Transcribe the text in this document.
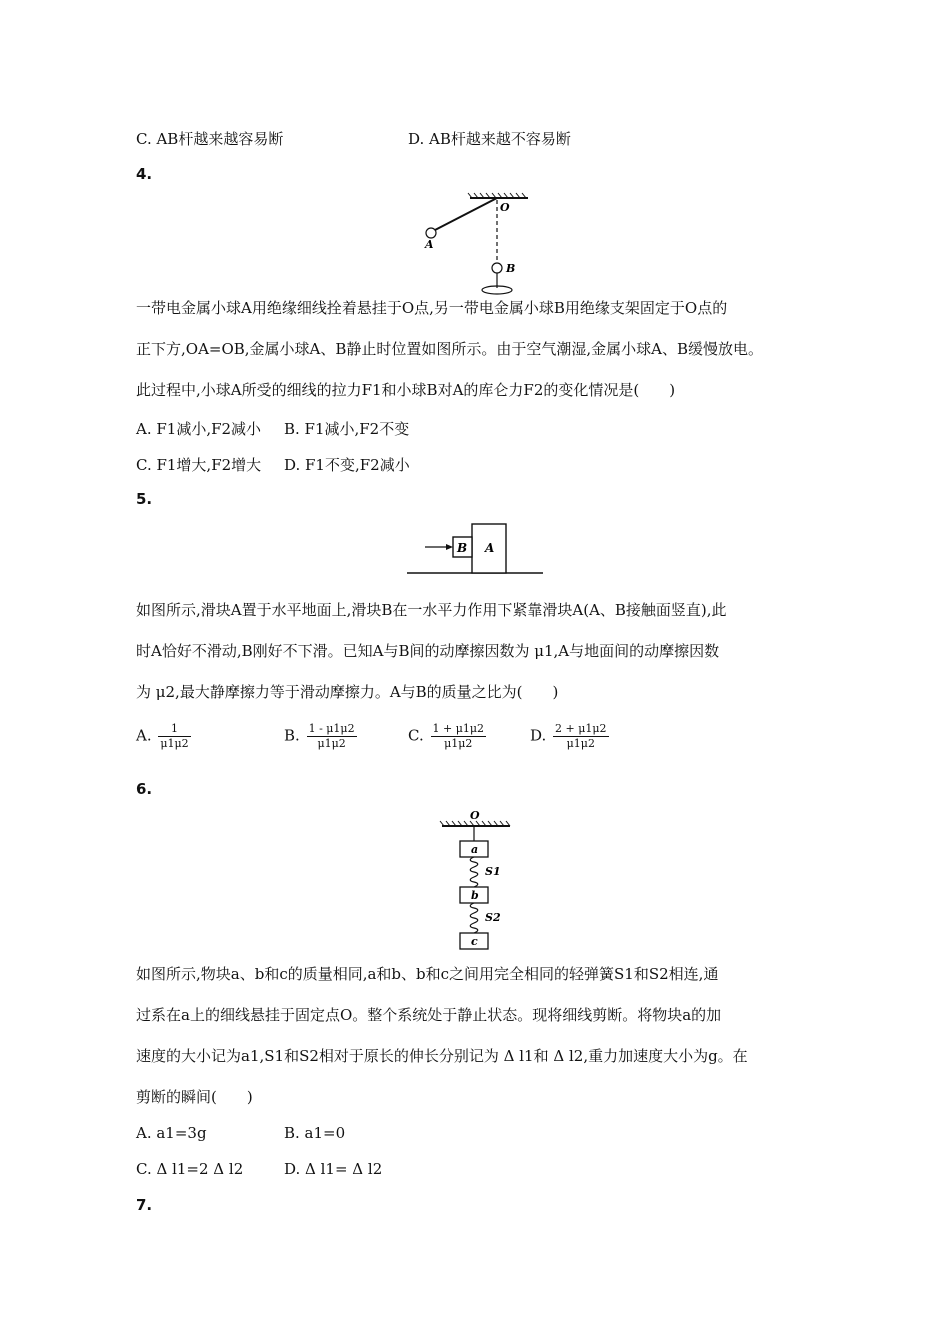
C. AB杆越来越容易断	D. AB杆越来越不容易断
4.
O
A
B
一带电金属小球A用绝缘细线拴着悬挂于O点,另一带电金属小球B用绝缘支架固定于O点的
正下方,OA=OB,金属小球A、B静止时位置如图所示。由于空气潮湿,金属小球A、B缓慢放电。
此过程中,小球A所受的细线的拉力F1和小球B对A的库仑力F2的变化情况是(　　)
A. F1减小,F2减小 B. F1减小,F2不变
C. F1增大,F2增大 D. F1不变,F2减小
5.
B A
如图所示,滑块A置于水平地面上,滑块B在一水平力作用下紧靠滑块A(A、B接触面竖直),此
时A恰好不滑动,B刚好不下滑。已知A与B间的动摩擦因数为 μ1,A与地面间的动摩擦因数
为 μ2,最大静摩擦力等于滑动摩擦力。A与B的质量之比为(　　)
A. $\frac{1}{\mu 1\mu 2}$	B. $\frac{1 - \mu 1\mu 2}{\mu 1\mu 2}$	C. $\frac{1 + \mu 1\mu 2}{\mu 1\mu 2}$	D. $\frac{2 + \mu 1\mu 2}{\mu 1\mu 2}$
6.
O
a
S1
b
S2
c
如图所示,物块a、b和c的质量相同,a和b、b和c之间用完全相同的轻弹簧S1和S2相连,通
过系在a上的细线悬挂于固定点O。整个系统处于静止状态。现将细线剪断。将物块a的加
速度的大小记为a1,S1和S2相对于原长的伸长分别记为 Δ l1和 Δ l2,重力加速度大小为g。在
剪断的瞬间(　　)
A. a1=3g	B. a1=0
C. Δ l1=2 Δ l2	D. Δ l1= Δ l2
7.
